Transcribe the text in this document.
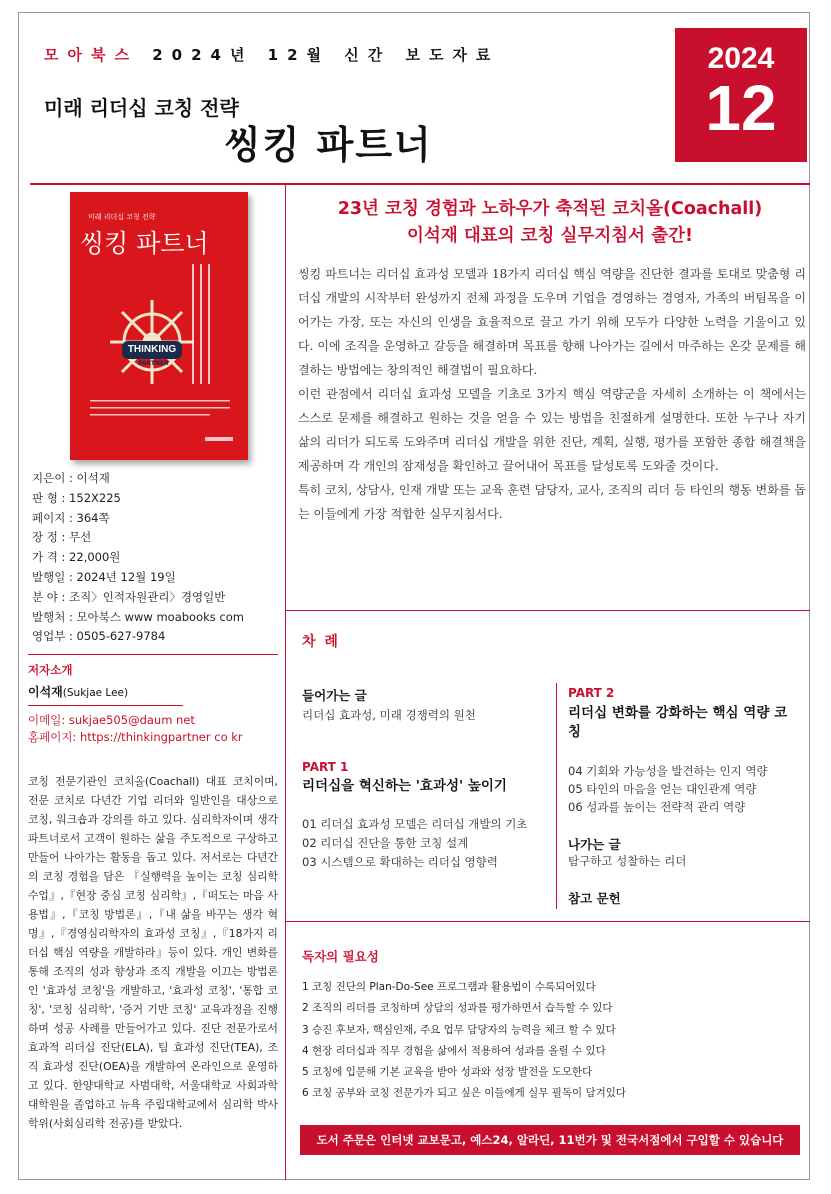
모아북스 2024년 12월 신간 보도자료
미래 리더십 코칭 전략
씽킹 파트너
2024
12
미래 리더십 코칭 전략
씽킹 파트너
THINKING
PARTNER
지은이 : 이석재
판 형 : 152X225
페이지 : 364쪽
장 정 : 무선
가 격 : 22,000원
발행일 : 2024년 12월 19일
분 야 : 조직〉인적자원관리〉경영일반
발행처 : 모아북스 www moabooks com
영업부 : 0505-627-9784
저자소개
이석재(Sukjae Lee)
이메일: sukjae505@daum net
홈페이지: https://thinkingpartner co kr
코칭 전문기관인 코치올(Coachall) 대표 코치이며, 전문 코치로 다년간 기업 리더와 일반인을 대상으로 코칭, 워크숍과 강의를 하고 있다. 심리학자이며 생각 파트너로서 고객이 원하는 삶을 주도적으로 구상하고 만들어 나아가는 활동을 돕고 있다. 저서로는 다년간의 코칭 경험을 담은 『실행력을 높이는 코칭 심리학 수업』,『현장 중심 코칭 심리학』,『떠도는 마음 사용법』,『코칭 방법론』,『내 삶을 바꾸는 생각 혁명』,『경영심리학자의 효과성 코칭』,『18가지 리더십 핵심 역량을 개발하라』등이 있다. 개인 변화를 통해 조직의 성과 향상과 조직 개발을 이끄는 방법론인 '효과성 코칭'을 개발하고, '효과성 코칭', '통합 코칭', '코칭 심리학', '증거 기반 코칭' 교육과정을 진행하며 성공 사례를 만들어가고 있다. 진단 전문가로서 효과적 리더십 진단(ELA), 팀 효과성 진단(TEA), 조직 효과성 진단(OEA)을 개발하여 온라인으로 운영하고 있다. 한양대학교 사범대학, 서울대학교 사회과학대학원을 졸업하고 뉴욕 주립대학교에서 심리학 박사학위(사회심리학 전공)를 받았다.
23년 코칭 경험과 노하우가 축적된 코치올(Coachall)
이석재 대표의 코칭 실무지침서 출간!

씽킹 파트너는 리더십 효과성 모델과 18가지 리더십 핵심 역량을 진단한 결과를 토대로 맞춤형 리더십 개발의 시작부터 완성까지 전체 과정을 도우며 기업을 경영하는 경영자, 가족의 버팀목을 이어가는 가장, 또는 자신의 인생을 효율적으로 끌고 가기 위해 모두가 다양한 노력을 기울이고 있다. 이에 조직을 운영하고 갈등을 해결하며 목표를 향해 나아가는 길에서 마주하는 온갖 문제를 해결하는 방법에는 창의적인 해결법이 필요하다.

이런 관점에서 리더십 효과성 모델을 기초로 3가지 핵심 역량군을 자세히 소개하는 이 책에서는 스스로 문제를 해결하고 원하는 것을 얻을 수 있는 방법을 친절하게 설명한다. 또한 누구나 자기 삶의 리더가 되도록 도와주며 리더십 개발을 위한 진단, 계획, 실행, 평가를 포함한 종합 해결책을 제공하며 각 개인의 잠재성을 확인하고 끌어내어 목표를 달성토록 도와줄 것이다.

특히 코치, 상담사, 인재 개발 또는 교육 훈련 담당자, 교사, 조직의 리더 등 타인의 행동 변화를 돕는 이들에게 가장 적합한 실무지침서다.

차 례
들어가는 글
리더십 효과성, 미래 경쟁력의 원천
PART 1
리더십을 혁신하는 '효과성' 높이기
01 리더십 효과성 모델은 리더십 개발의 기초
02 리더십 진단을 통한 코칭 설계
03 시스템으로 확대하는 리더십 영향력
PART 2
리더십 변화를 강화하는 핵심 역량 코칭
04 기회와 가능성을 발견하는 인지 역량
05 타인의 마음을 얻는 대인관계 역량
06 성과를 높이는 전략적 관리 역량
나가는 글
탐구하고 성찰하는 리더
참고 문헌
독자의 필요성
1 코칭 진단의 Plan-Do-See 프로그램과 활용법이 수록되어있다
2 조직의 리더를 코칭하며 상담의 성과를 평가하면서 습득할 수 있다
3 승진 후보자, 핵심인재, 주요 업무 담당자의 능력을 체크 할 수 있다
4 현장 리더십과 직무 경험을 삶에서 적용하여 성과를 올릴 수 있다
5 코칭에 입문해 기본 교육을 받아 성과와 성장 발전을 도모한다
6 코칭 공부와 코칭 전문가가 되고 싶은 이들에게 실무 필독이 담겨있다
도서 주문은 인터넷 교보문고, 예스24, 알라딘, 11번가 및 전국서점에서 구입할 수 있습니다
